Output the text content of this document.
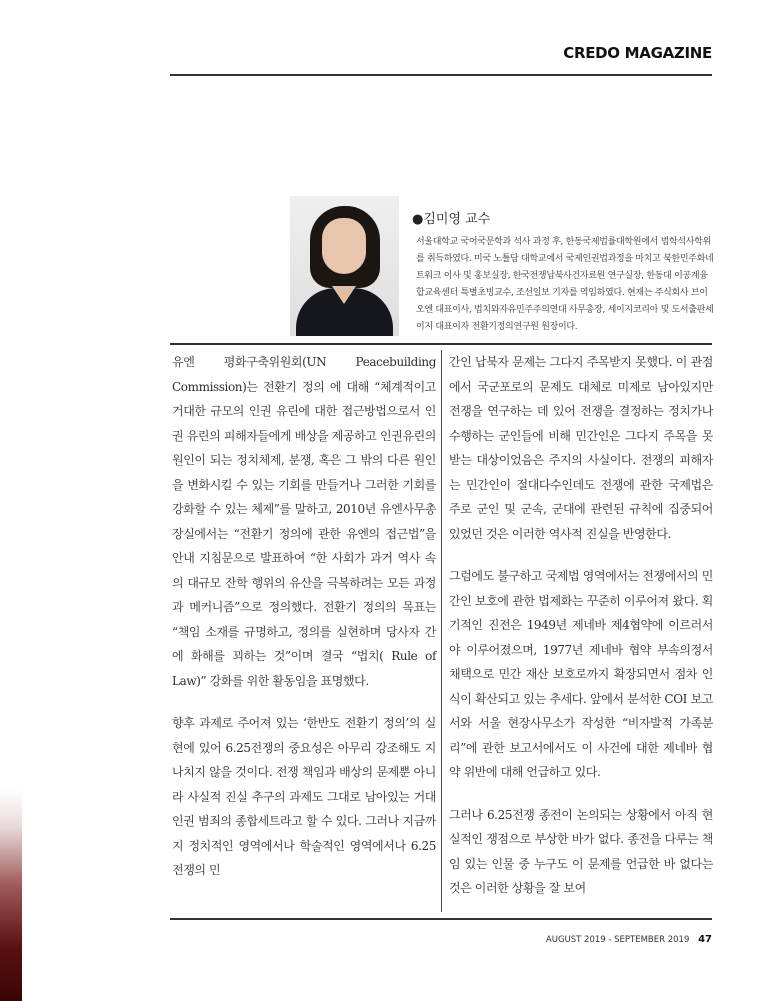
CREDO MAGAZINE
●김미영 교수
서울대학교 국어국문학과 석사 과정 후, 한동국제법률대학원에서 법학석사학위를 취득하였다. 미국 노틀담 대학교에서 국제인권법과정을 마치고 북한민주화네트워크 이사 및 홍보실장, 한국전쟁납북사건자료원 연구실장, 한동대 이공계융합교육센터 특별초빙교수, 조선일보 기자를 역임하였다. 현재는 주식회사 브이오엔 대표이사, 법치와자유민주주의연대 사무총장, 세이지코리아 및 도서출판세이지 대표이자 전환기정의연구원 원장이다.

유엔 평화구축위원회(UN Peacebuilding Commission)는 전환기 정의 에 대해 “체계적이고 거대한 규모의 인권 유린에 대한 접근방법으로서 인권 유린의 피해자들에게 배상을 제공하고 인권유린의 원인이 되는 정치체제, 분쟁, 혹은 그 밖의 다른 원인을 변화시킬 수 있는 기회를 만들거나 그러한 기회를 강화할 수 있는 체제”를 말하고, 2010년 유엔사무총장실에서는 “전환기 정의에 관한 유엔의 접근법”을 안내 지침문으로 발표하여 “한 사회가 과거 역사 속의 대규모 잔학 행위의 유산을 극복하려는 모든 과정과 메커니즘”으로 정의했다. 전환기 정의의 목표는 “책임 소재를 규명하고, 정의를 실현하며 당사자 간에 화해를 꾀하는 것”이며 결국 “법치( Rule of Law)” 강화를 위한 활동임을 표명했다.

향후 과제로 주어져 있는 ‘한반도 전환기 정의’의 실현에 있어 6.25전쟁의 중요성은 아무리 강조해도 지나치지 않을 것이다. 전쟁 책임과 배상의 문제뿐 아니라 사실적 진실 추구의 과제도 그대로 남아있는 거대 인권 범죄의 종합세트라고 할 수 있다. 그러나 지금까지 정치적인 영역에서나 학술적인 영역에서나 6.25전쟁의 민

간인 납북자 문제는 그다지 주목받지 못했다. 이 관점에서 국군포로의 문제도 대체로 미제로 남아있지만 전쟁을 연구하는 데 있어 전쟁을 결정하는 정치가나 수행하는 군인들에 비해 민간인은 그다지 주목을 못 받는 대상이었음은 주지의 사실이다. 전쟁의 피해자는 민간인이 절대다수인데도 전쟁에 관한 국제법은 주로 군인 및 군속, 군대에 관련된 규칙에 집중되어 있었던 것은 이러한 역사적 진실을 반영한다.

그럼에도 불구하고 국제법 영역에서는 전쟁에서의 민간인 보호에 관한 법제화는 꾸준히 이루어져 왔다. 획기적인 진전은 1949년 제네바 제4협약에 이르러서야 이루어졌으며, 1977년 제네바 협약 부속의정서 채택으로 민간 재산 보호로까지 확장되면서 점차 인식이 확산되고 있는 추세다. 앞에서 분석한 COI 보고서와 서울 현장사무소가 작성한 “비자발적 가족분리”에 관한 보고서에서도 이 사건에 대한 제네바 협약 위반에 대해 언급하고 있다.

그러나 6.25전쟁 종전이 논의되는 상황에서 아직 현실적인 쟁점으로 부상한 바가 없다. 종전을 다루는 책임 있는 인물 중 누구도 이 문제를 언급한 바 없다는 것은 이러한 상황을 잘 보여

AUGUST 2019 - SEPTEMBER 2019 47
